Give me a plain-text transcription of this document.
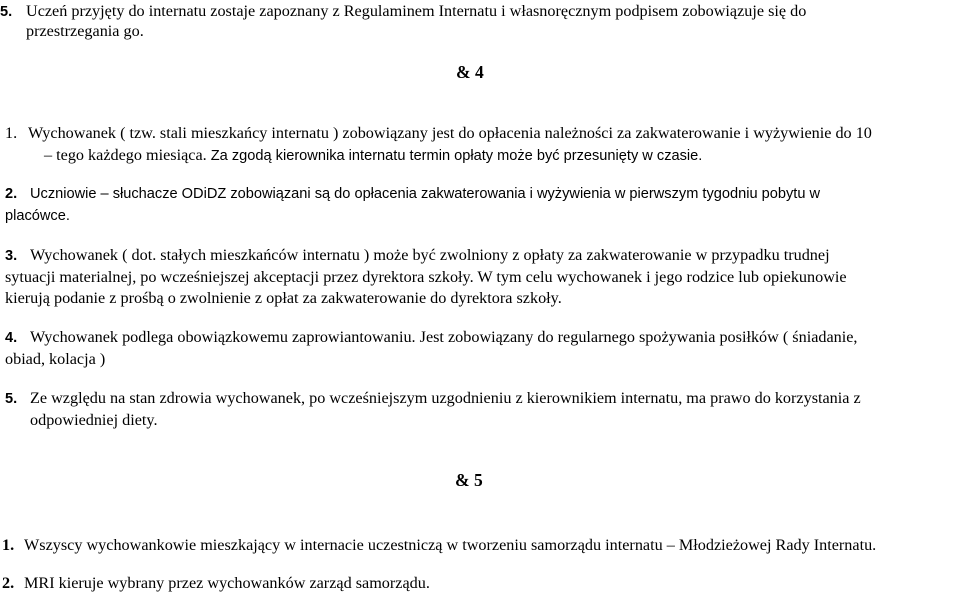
5. Uczeń przyjęty do internatu zostaje zapoznany z Regulaminem Internatu i własnoręcznym podpisem zobowiązuje się do
przestrzegania go.
& 4
1. Wychowanek ( tzw. stali mieszkańcy internatu ) zobowiązany jest do opłacenia należności za zakwaterowanie i wyżywienie do 10
– tego każdego miesiąca. Za zgodą kierownika internatu termin opłaty może być przesunięty w czasie.
2. Uczniowie – słuchacze ODiDZ zobowiązani są do opłacenia zakwaterowania i wyżywienia w pierwszym tygodniu pobytu w
placówce.
3. Wychowanek ( dot. stałych mieszkańców internatu ) może być zwolniony z opłaty za zakwaterowanie w przypadku trudnej
sytuacji materialnej, po wcześniejszej akceptacji przez dyrektora szkoły. W tym celu wychowanek i jego rodzice lub opiekunowie
kierują podanie z prośbą o zwolnienie z opłat za zakwaterowanie do dyrektora szkoły.
4. Wychowanek podlega obowiązkowemu zaprowiantowaniu. Jest zobowiązany do regularnego spożywania posiłków ( śniadanie,
obiad, kolacja )
5. Ze względu na stan zdrowia wychowanek, po wcześniejszym uzgodnieniu z kierownikiem internatu, ma prawo do korzystania z
odpowiedniej diety.
& 5
1. Wszyscy wychowankowie mieszkający w internacie uczestniczą w tworzeniu samorządu internatu – Młodzieżowej Rady Internatu.
2. MRI kieruje wybrany przez wychowanków zarząd samorządu.
